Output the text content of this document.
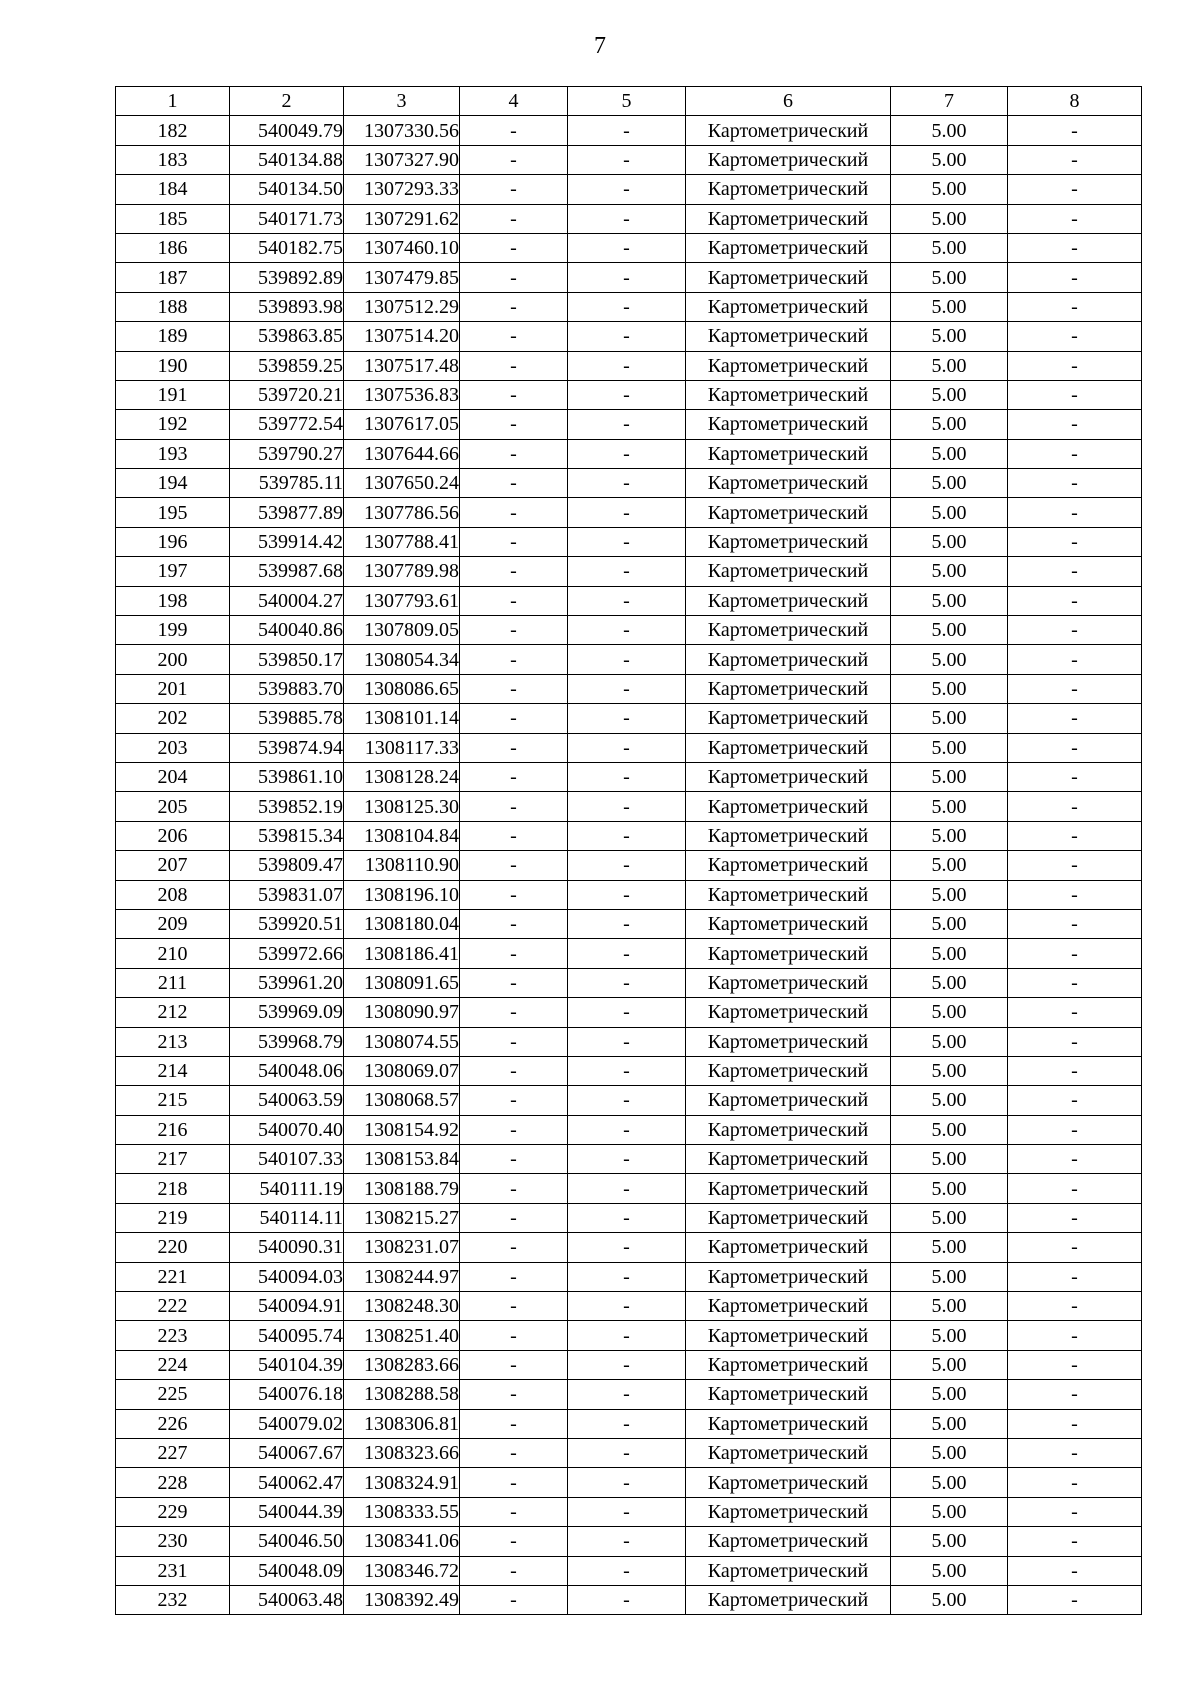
7
1	2	3	4	5	6	7	8
182	540049.79	1307330.56	-	-	Картометрический	5.00	-
183	540134.88	1307327.90	-	-	Картометрический	5.00	-
184	540134.50	1307293.33	-	-	Картометрический	5.00	-
185	540171.73	1307291.62	-	-	Картометрический	5.00	-
186	540182.75	1307460.10	-	-	Картометрический	5.00	-
187	539892.89	1307479.85	-	-	Картометрический	5.00	-
188	539893.98	1307512.29	-	-	Картометрический	5.00	-
189	539863.85	1307514.20	-	-	Картометрический	5.00	-
190	539859.25	1307517.48	-	-	Картометрический	5.00	-
191	539720.21	1307536.83	-	-	Картометрический	5.00	-
192	539772.54	1307617.05	-	-	Картометрический	5.00	-
193	539790.27	1307644.66	-	-	Картометрический	5.00	-
194	539785.11	1307650.24	-	-	Картометрический	5.00	-
195	539877.89	1307786.56	-	-	Картометрический	5.00	-
196	539914.42	1307788.41	-	-	Картометрический	5.00	-
197	539987.68	1307789.98	-	-	Картометрический	5.00	-
198	540004.27	1307793.61	-	-	Картометрический	5.00	-
199	540040.86	1307809.05	-	-	Картометрический	5.00	-
200	539850.17	1308054.34	-	-	Картометрический	5.00	-
201	539883.70	1308086.65	-	-	Картометрический	5.00	-
202	539885.78	1308101.14	-	-	Картометрический	5.00	-
203	539874.94	1308117.33	-	-	Картометрический	5.00	-
204	539861.10	1308128.24	-	-	Картометрический	5.00	-
205	539852.19	1308125.30	-	-	Картометрический	5.00	-
206	539815.34	1308104.84	-	-	Картометрический	5.00	-
207	539809.47	1308110.90	-	-	Картометрический	5.00	-
208	539831.07	1308196.10	-	-	Картометрический	5.00	-
209	539920.51	1308180.04	-	-	Картометрический	5.00	-
210	539972.66	1308186.41	-	-	Картометрический	5.00	-
211	539961.20	1308091.65	-	-	Картометрический	5.00	-
212	539969.09	1308090.97	-	-	Картометрический	5.00	-
213	539968.79	1308074.55	-	-	Картометрический	5.00	-
214	540048.06	1308069.07	-	-	Картометрический	5.00	-
215	540063.59	1308068.57	-	-	Картометрический	5.00	-
216	540070.40	1308154.92	-	-	Картометрический	5.00	-
217	540107.33	1308153.84	-	-	Картометрический	5.00	-
218	540111.19	1308188.79	-	-	Картометрический	5.00	-
219	540114.11	1308215.27	-	-	Картометрический	5.00	-
220	540090.31	1308231.07	-	-	Картометрический	5.00	-
221	540094.03	1308244.97	-	-	Картометрический	5.00	-
222	540094.91	1308248.30	-	-	Картометрический	5.00	-
223	540095.74	1308251.40	-	-	Картометрический	5.00	-
224	540104.39	1308283.66	-	-	Картометрический	5.00	-
225	540076.18	1308288.58	-	-	Картометрический	5.00	-
226	540079.02	1308306.81	-	-	Картометрический	5.00	-
227	540067.67	1308323.66	-	-	Картометрический	5.00	-
228	540062.47	1308324.91	-	-	Картометрический	5.00	-
229	540044.39	1308333.55	-	-	Картометрический	5.00	-
230	540046.50	1308341.06	-	-	Картометрический	5.00	-
231	540048.09	1308346.72	-	-	Картометрический	5.00	-
232	540063.48	1308392.49	-	-	Картометрический	5.00	-
